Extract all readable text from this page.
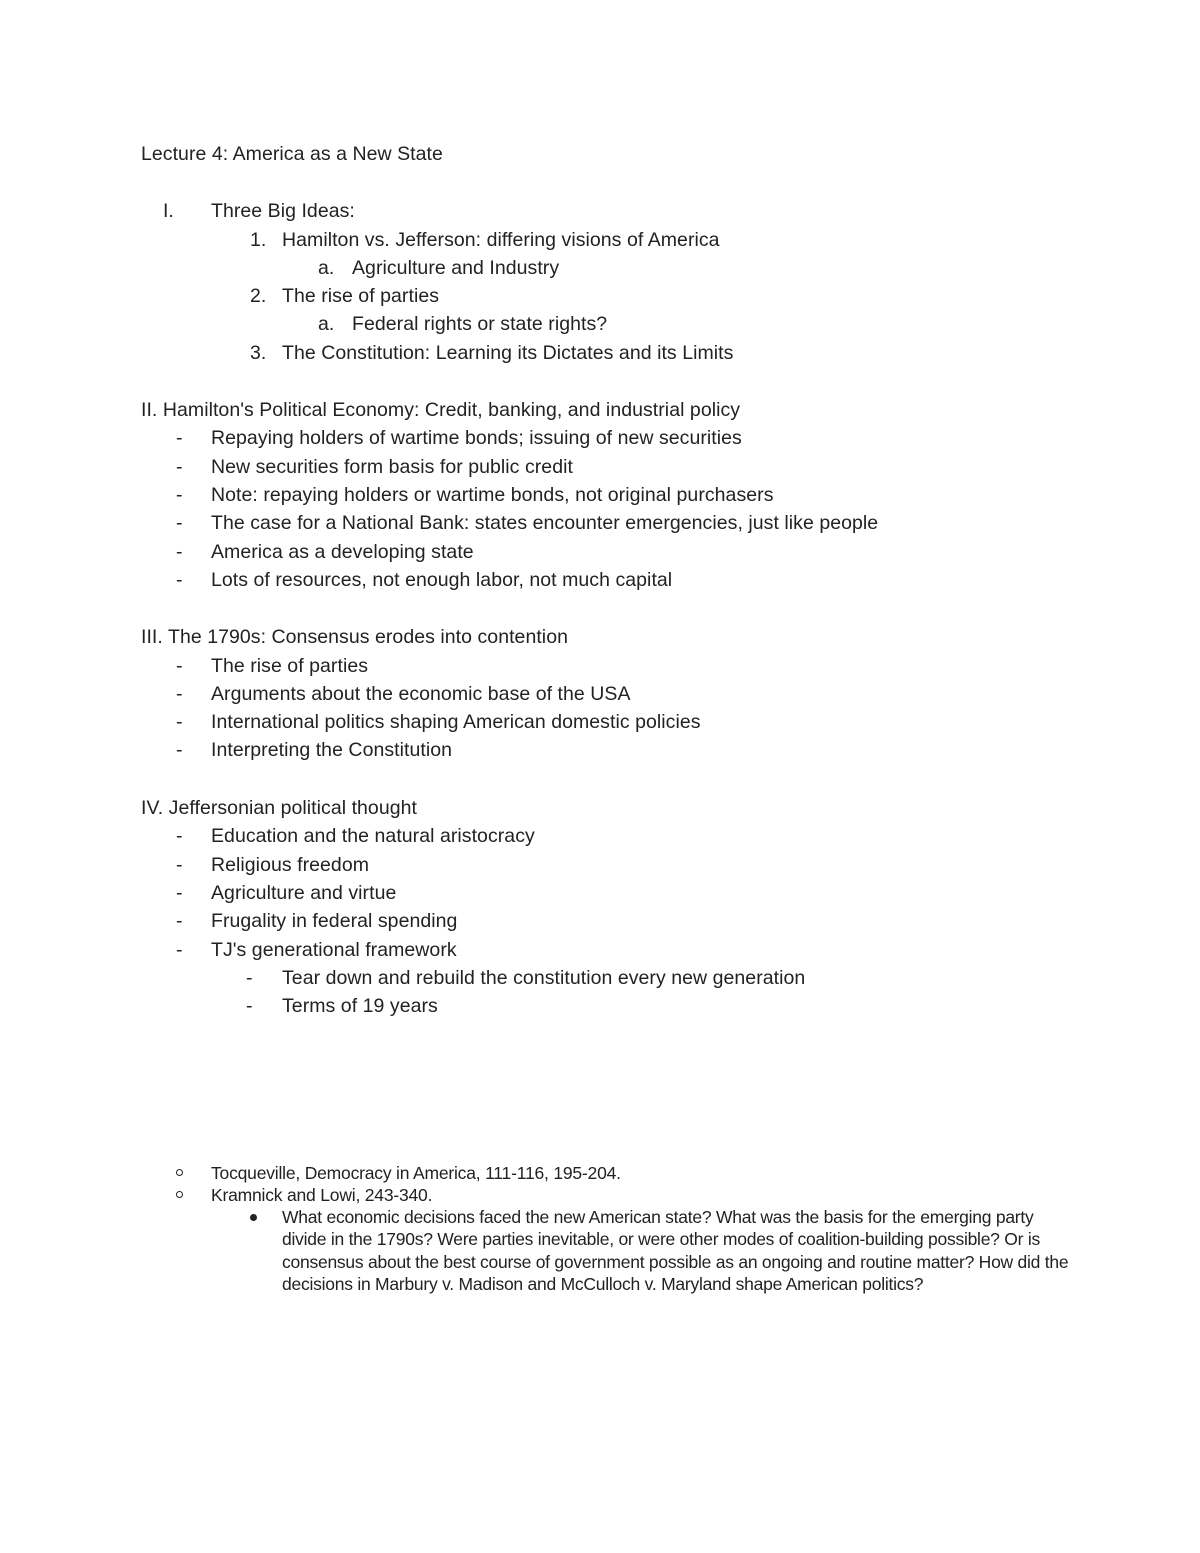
Lecture 4: America as a New State
I. Three Big Ideas:
1. Hamilton vs. Jefferson: differing visions of America
a. Agriculture and Industry
2. The rise of parties
a. Federal rights or state rights?
3. The Constitution: Learning its Dictates and its Limits
II. Hamilton's Political Economy: Credit, banking, and industrial policy
- Repaying holders of wartime bonds; issuing of new securities
- New securities form basis for public credit
- Note: repaying holders or wartime bonds, not original purchasers
- The case for a National Bank: states encounter emergencies, just like people
- America as a developing state
- Lots of resources, not enough labor, not much capital
III. The 1790s: Consensus erodes into contention
- The rise of parties
- Arguments about the economic base of the USA
- International politics shaping American domestic policies
- Interpreting the Constitution
IV. Jeffersonian political thought
- Education and the natural aristocracy
- Religious freedom
- Agriculture and virtue
- Frugality in federal spending
- TJ's generational framework
- Tear down and rebuild the constitution every new generation
- Terms of 19 years
Tocqueville, Democracy in America, 111-116, 195-204.
Kramnick and Lowi, 243-340.
What economic decisions faced the new American state? What was the basis for the emerging party divide in the 1790s? Were parties inevitable, or were other modes of coalition-building possible? Or is consensus about the best course of government possible as an ongoing and routine matter? How did the decisions in Marbury v. Madison and McCulloch v. Maryland shape American politics?
